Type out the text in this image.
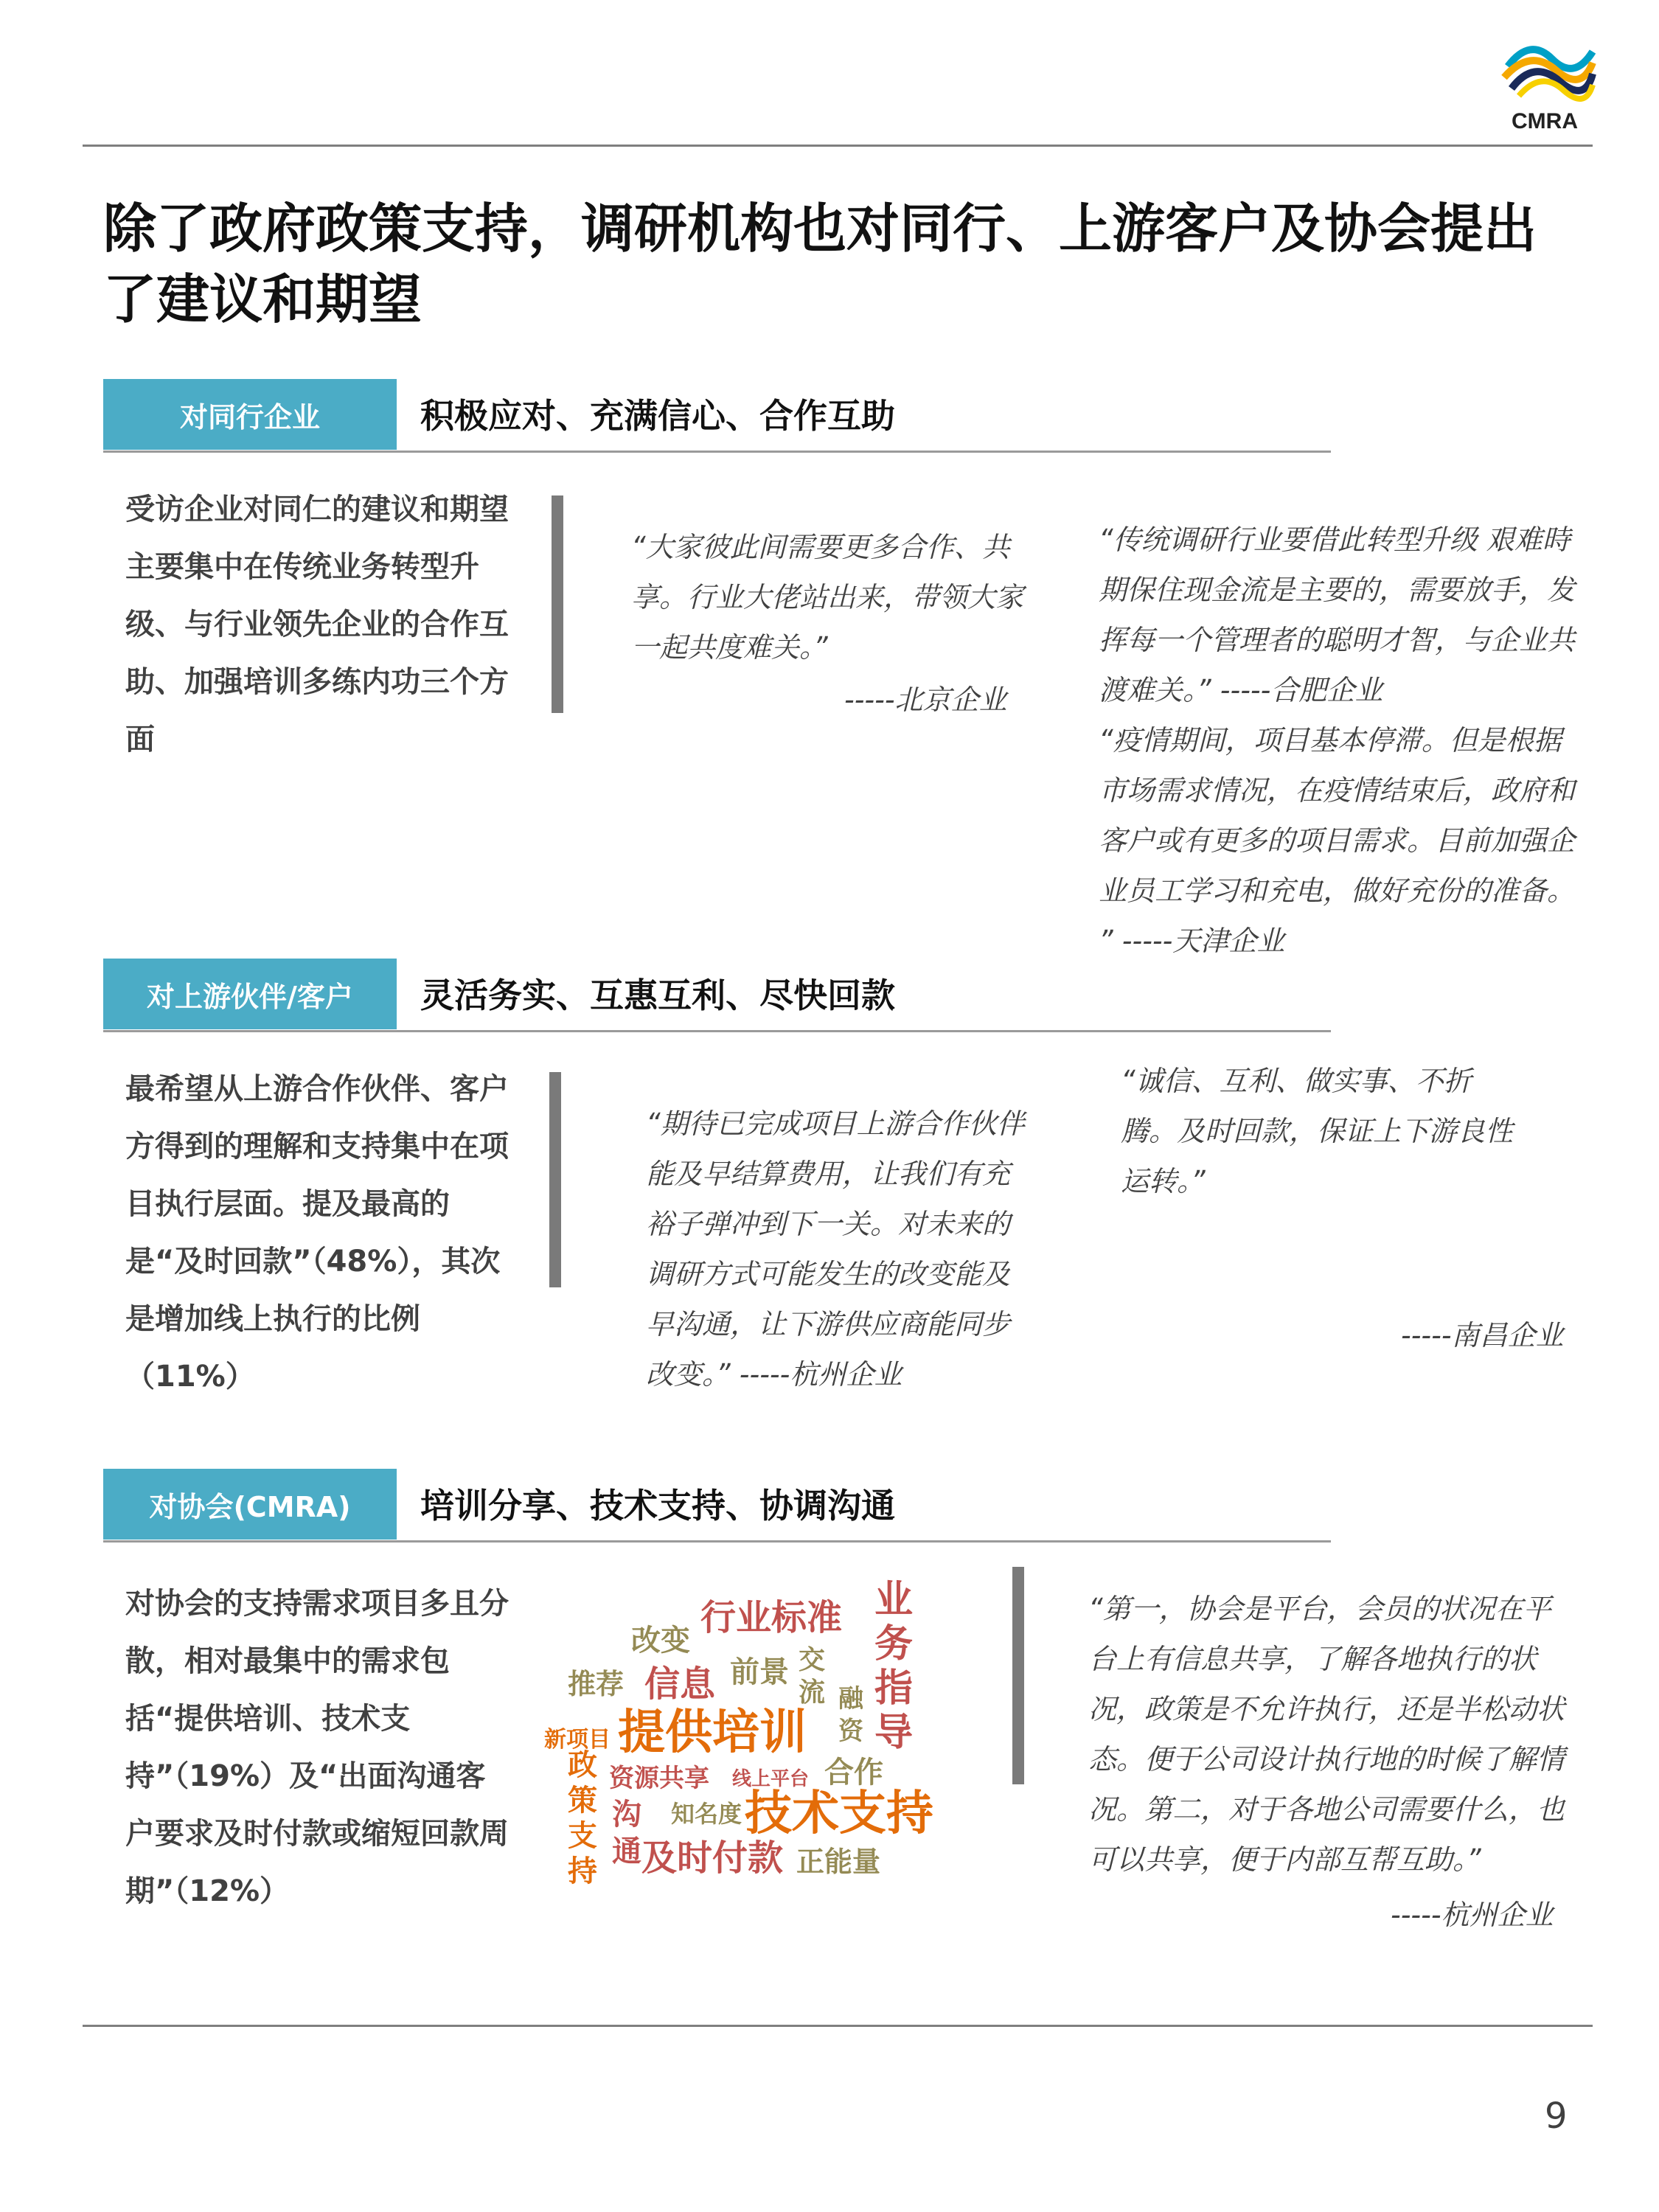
CMRA
除了政府政策支持，调研机构也对同行、上游客户及协会提出了建议和期望
对同行企业	积极应对、充满信心、合作互助
受访企业对同仁的建议和期望主要集中在传统业务转型升级、与行业领先企业的合作互助、加强培训多练内功三个方面
“大家彼此间需要更多合作、共享。行业大佬站出来，带领大家一起共度难关。”
-----北京企业
“传统调研行业要借此转型升级 艰难時期保住现金流是主要的，需要放手，发挥每一个管理者的聪明才智，与企业共渡难关。” -----合肥企业
“疫情期间，项目基本停滞。但是根据市场需求情况，在疫情结束后，政府和客户或有更多的项目需求。目前加强企业员工学习和充电，做好充份的准备。 ” -----天津企业
对上游伙伴/客户	灵活务实、互惠互利、尽快回款
最希望从上游合作伙伴、客户方得到的理解和支持集中在项目执行层面。提及最高的是“及时回款”（48%），其次是增加线上执行的比例（11%）
“期待已完成项目上游合作伙伴能及早结算费用，让我们有充裕子弹冲到下一关。对未来的调研方式可能发生的改变能及早沟通，让下游供应商能同步改变。” -----杭州企业
“诚信、互利、做实事、不折腾。及时回款，保证上下游良性运转。”
-----南昌企业
对协会(CMRA)	培训分享、技术支持、协调沟通
对协会的支持需求项目多且分散，相对最集中的需求包括“提供培训、技术支持”（19%）及“出面沟通客户要求及时付款或缩短回款周期”（12%）
行业标准 业务指导
改变
前景 交流
推荐 信息	融资
新项目 提供培训
政策支持
资源共享 线上平台 合作
沟通
知名度 技术支持
及时付款 正能量
“第一，协会是平台，会员的状况在平台上有信息共享，了解各地执行的状况，政策是不允许执行，还是半松动状态。便于公司设计执行地的时候了解情况。第二，对于各地公司需要什么，也可以共享，便于内部互帮互助。”
-----杭州企业
9
